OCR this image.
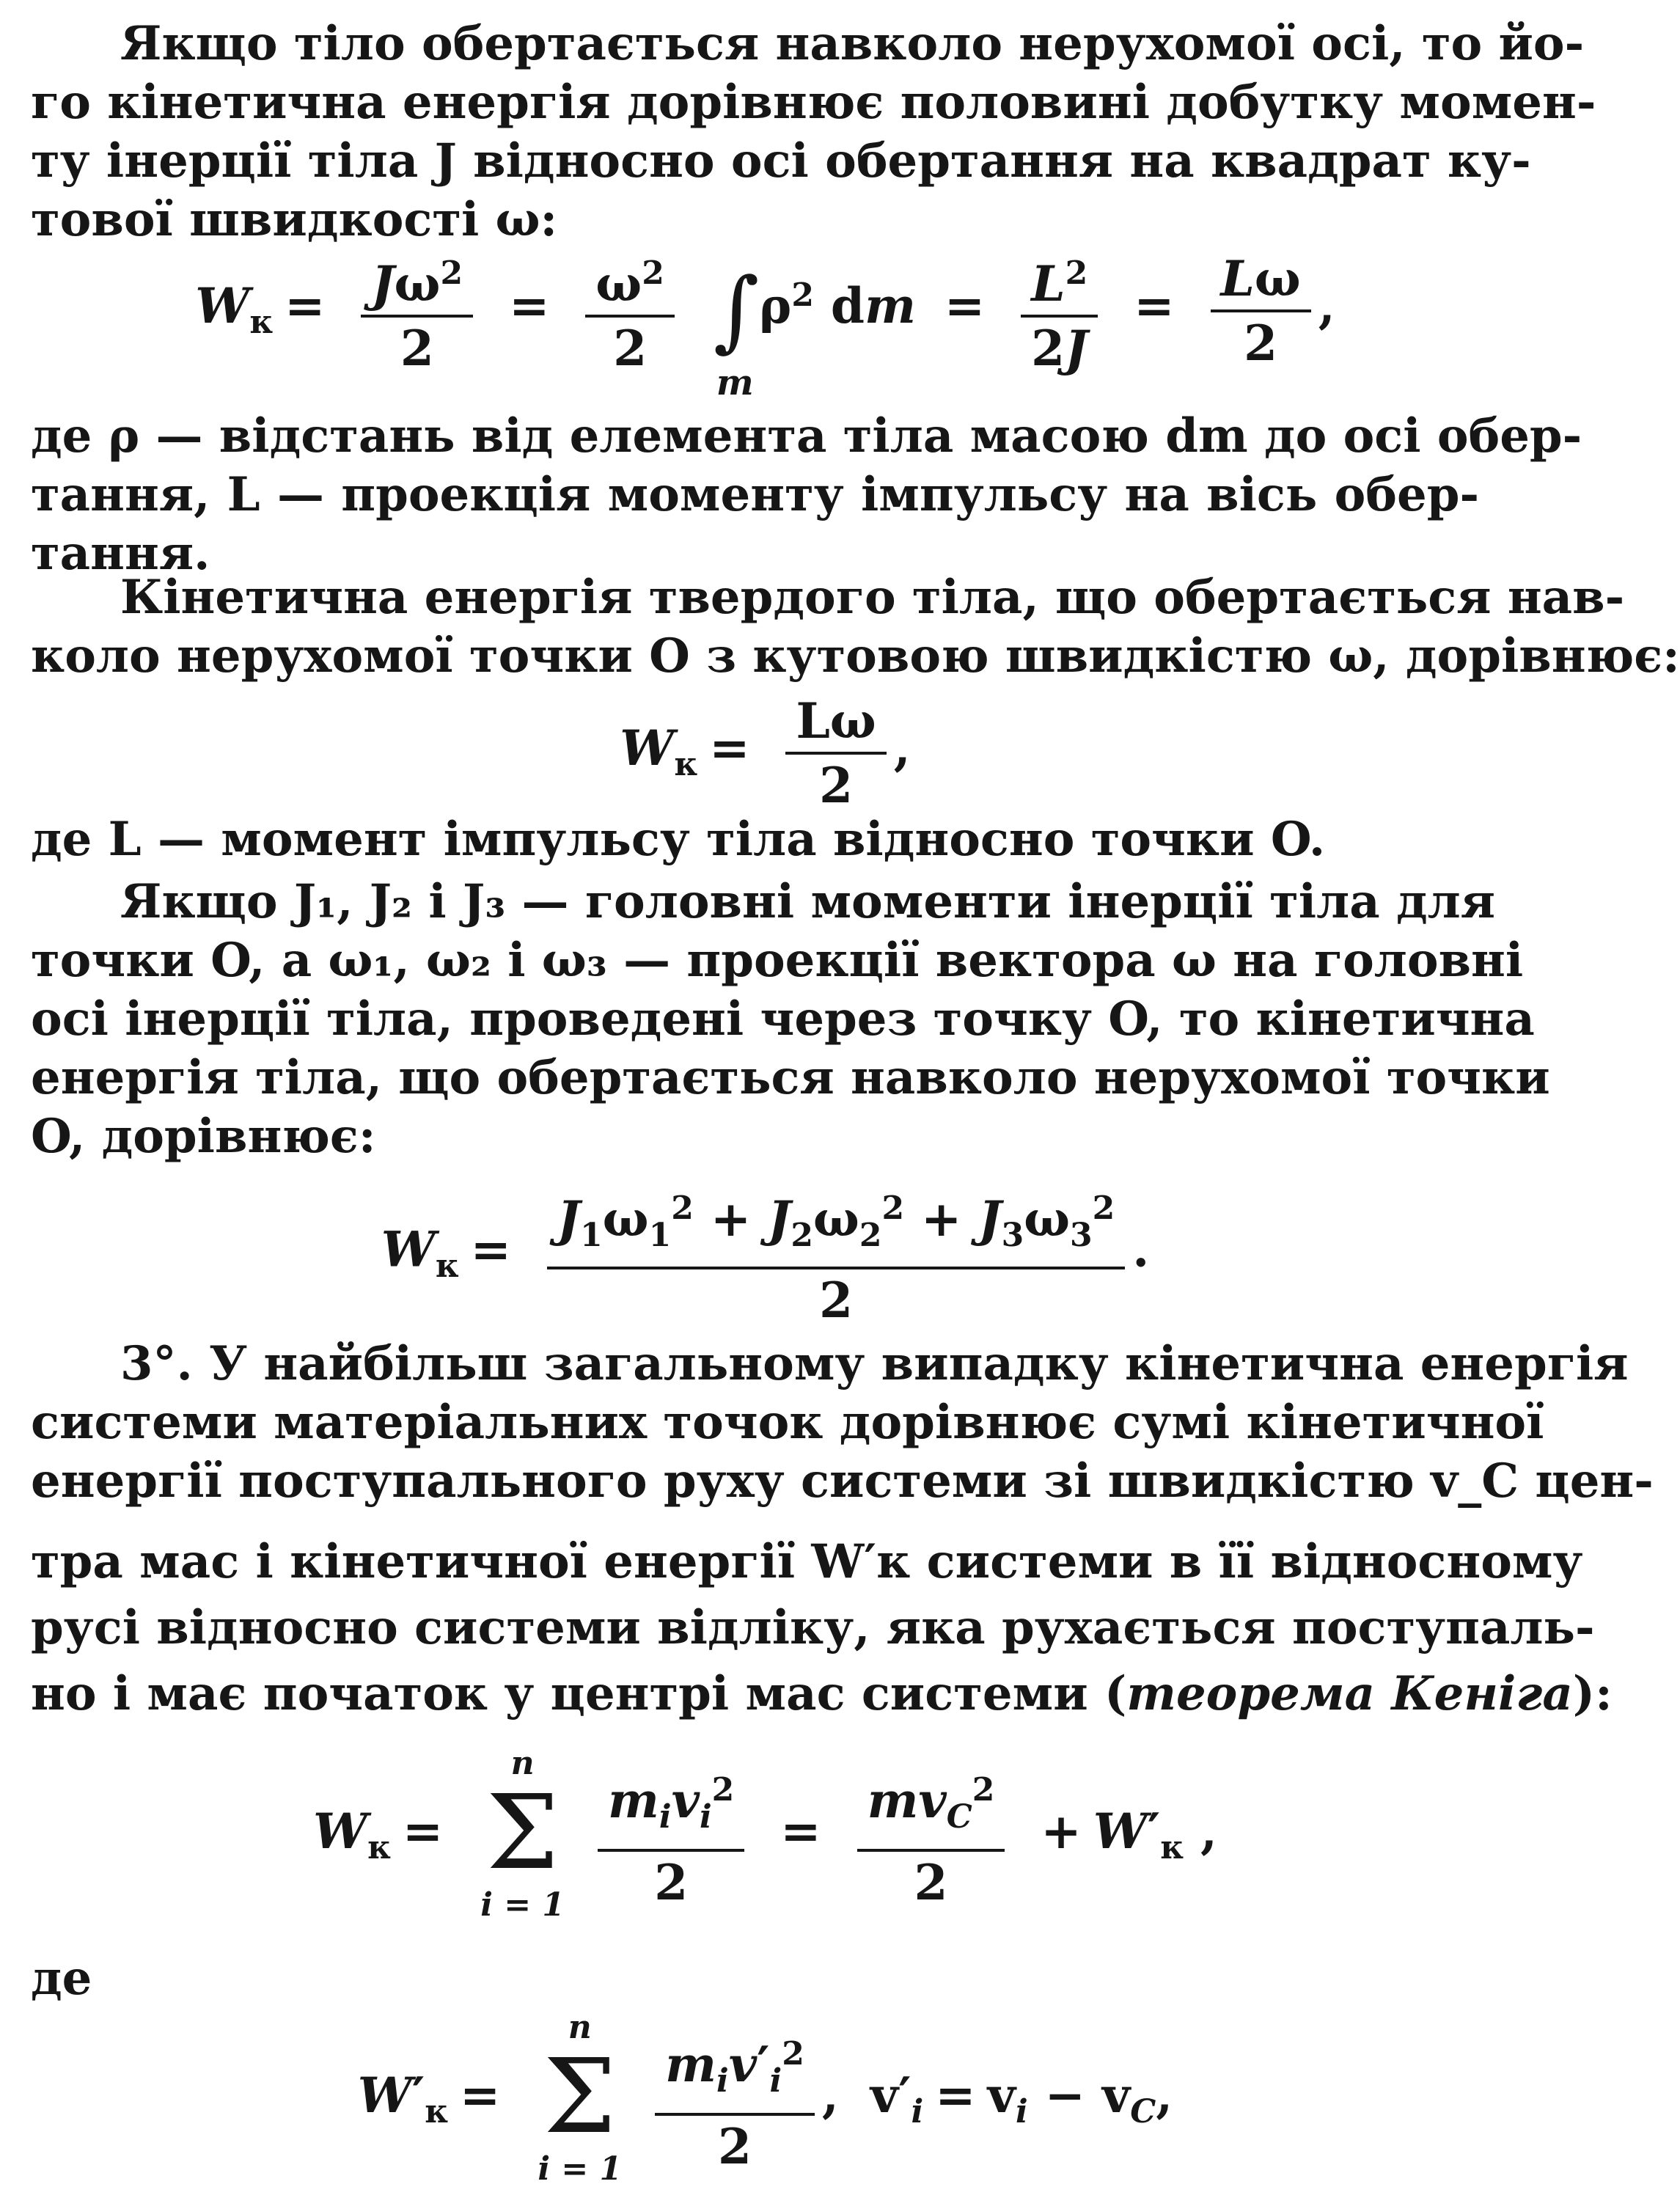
Якщо тіло обертається навколо нерухомої осі, то йо-
го кінетична енергія дорівнює половині добутку момен-
ту інерції тіла J відносно осі обертання на квадрат ку-
тової швидкості ω:
$W_к = \frac{J\omega^2}{2} = \frac{\omega^2}{2}$ ∫
m
$\rho^2$ dm = $\frac{L^2}{2J} = \frac{L\omega}{2}$ ,
де ρ — відстань від елемента тіла масою dm до осі обер-
тання, L — проекція моменту імпульсу на вісь обер-
тання.
Кінетична енергія твердого тіла, що обертається нав-
коло нерухомої точки O з кутовою швидкістю ω, дорівнює:
$W_к = \frac{L\omega}{2}$ ,
де L — момент імпульсу тіла відносно точки O.
Якщо J₁, J₂ і J₃ — головні моменти інерції тіла для
точки O, а ω₁, ω₂ і ω₃ — проекції вектора ω на головні
осі інерції тіла, проведені через точку O, то кінетична
енергія тіла, що обертається навколо нерухомої точки
O, дорівнює:
$W_к = \frac{J_1\omega_1^2 + J_2\omega_2^2 + J_3\omega_3^2}{2}$ .
3°. У найбільш загальному випадку кінетична енергія
системи матеріальних точок дорівнює сумі кінетичної
енергії поступального руху системи зі швидкістю v_C цен-
тра мас і кінетичної енергії W′к системи в її відносному
русі відносно системи відліку, яка рухається поступаль-
но і має початок у центрі мас системи (теорема Кеніга):
$W_к$ =
n
Σ
i = 1
$\frac{m_iv_i^2}{2} = \frac{mv_C^2}{2} + W'_к$ ,
де
$W'_к$ =
n
Σ
i = 1
$\frac{m_iv'_i^2}{2}$ , $v'_i = v_i - v_C$,
